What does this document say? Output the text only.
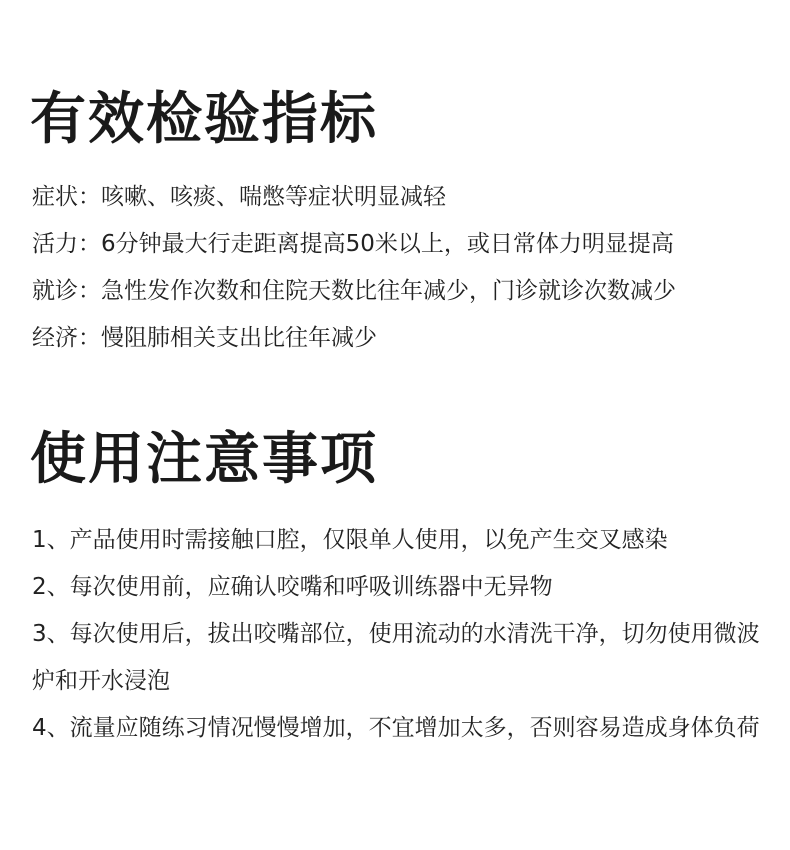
有效检验指标
症状：咳嗽、咳痰、喘憋等症状明显减轻
活力：6分钟最大行走距离提高50米以上，或日常体力明显提高
就诊：急性发作次数和住院天数比往年减少，门诊就诊次数减少
经济：慢阻肺相关支出比往年减少
使用注意事项
1、产品使用时需接触口腔，仅限单人使用，以免产生交叉感染
2、每次使用前，应确认咬嘴和呼吸训练器中无异物
3、每次使用后，拔出咬嘴部位，使用流动的水清洗干净，切勿使用微波炉和开水浸泡
4、流量应随练习情况慢慢增加，不宜增加太多，否则容易造成身体负荷
